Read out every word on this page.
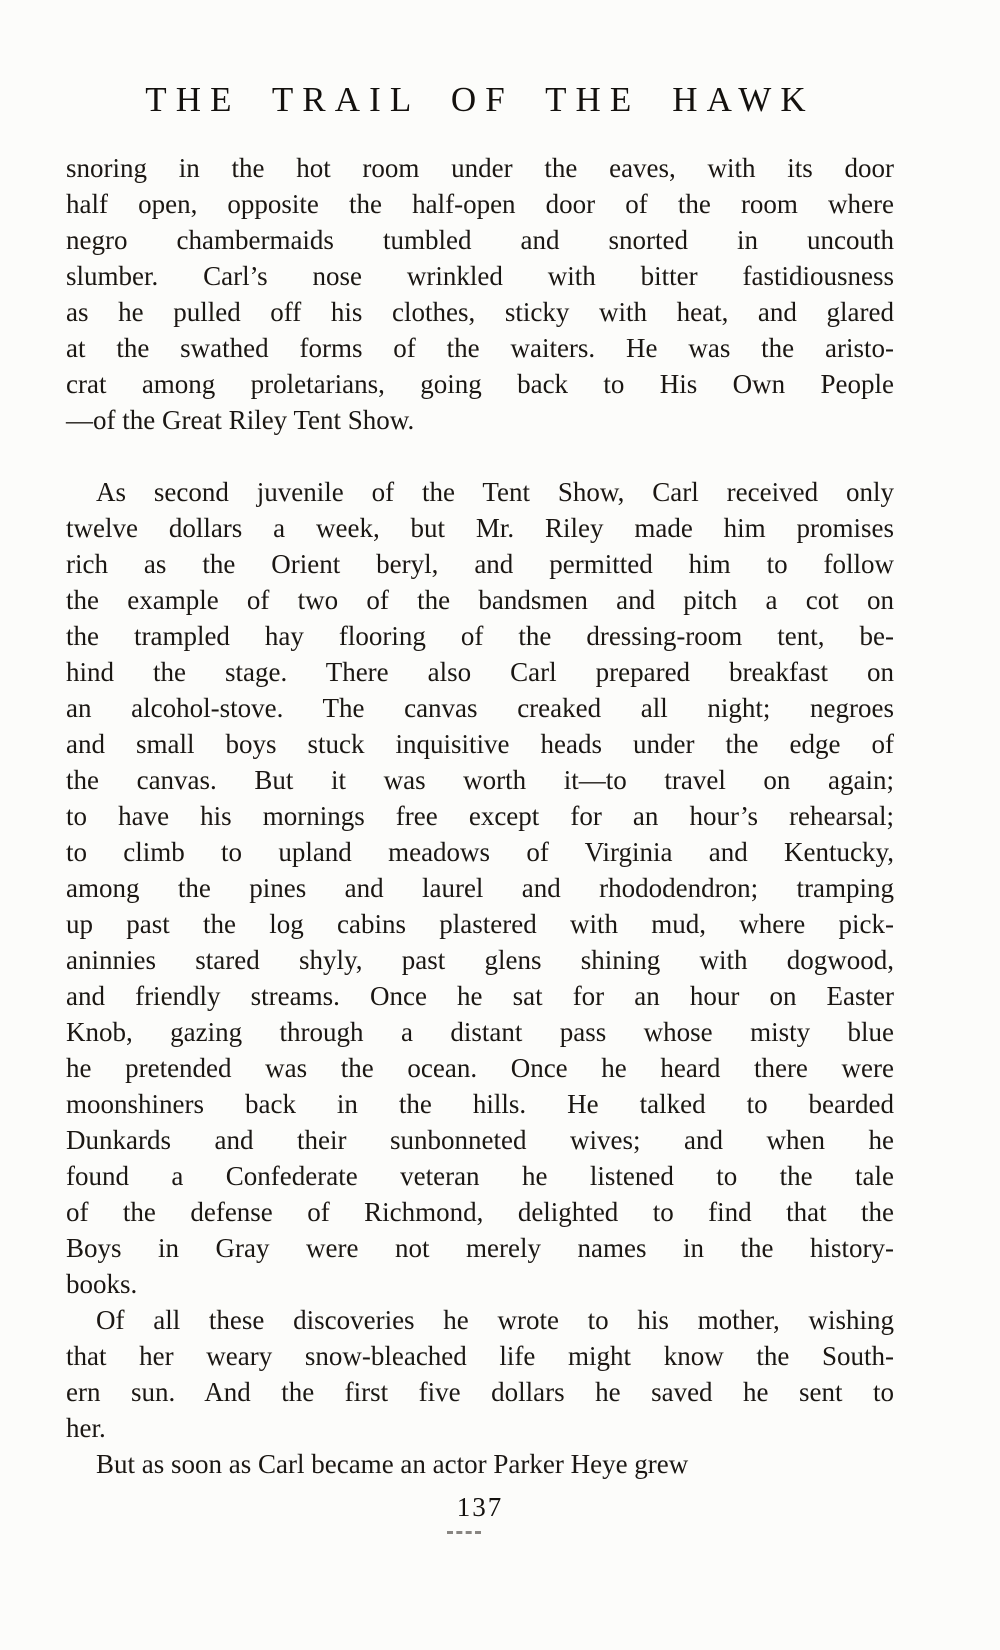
THE TRAIL OF THE HAWK
snoring in the hot room under the eaves, with its door
half open, opposite the half-open door of the room where
negro chambermaids tumbled and snorted in uncouth
slumber. Carl’s nose wrinkled with bitter fastidiousness
as he pulled off his clothes, sticky with heat, and glared
at the swathed forms of the waiters. He was the aristo-
crat among proletarians, going back to His Own People
—of the Great Riley Tent Show.
As second juvenile of the Tent Show, Carl received only
twelve dollars a week, but Mr. Riley made him promises
rich as the Orient beryl, and permitted him to follow
the example of two of the bandsmen and pitch a cot on
the trampled hay flooring of the dressing-room tent, be-
hind the stage. There also Carl prepared breakfast on
an alcohol-stove. The canvas creaked all night; negroes
and small boys stuck inquisitive heads under the edge of
the canvas. But it was worth it—to travel on again;
to have his mornings free except for an hour’s rehearsal;
to climb to upland meadows of Virginia and Kentucky,
among the pines and laurel and rhododendron; tramping
up past the log cabins plastered with mud, where pick-
aninnies stared shyly, past glens shining with dogwood,
and friendly streams. Once he sat for an hour on Easter
Knob, gazing through a distant pass whose misty blue
he pretended was the ocean. Once he heard there were
moonshiners back in the hills. He talked to bearded
Dunkards and their sunbonneted wives; and when he
found a Confederate veteran he listened to the tale
of the defense of Richmond, delighted to find that the
Boys in Gray were not merely names in the history-
books.
Of all these discoveries he wrote to his mother, wishing
that her weary snow-bleached life might know the South-
ern sun. And the first five dollars he saved he sent to
her.
But as soon as Carl became an actor Parker Heye grew
137
